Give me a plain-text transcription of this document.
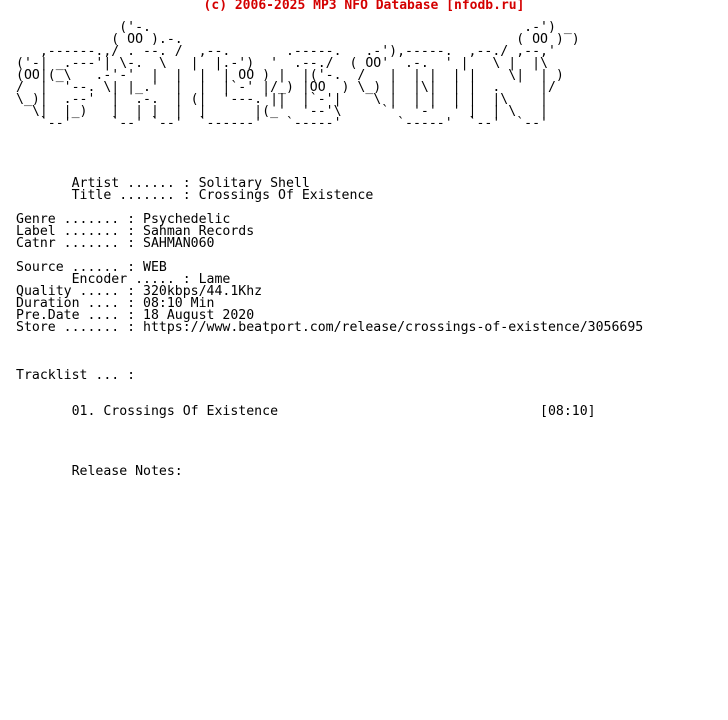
(c) 2006-2025 MP3 NFO Database [nfodb.ru]
('-.                                               .-') _
( OO ).-.                                          ( OO ) )
,------.,/ . --. /  ,--.       .-----.   .-'),-----.  ,--./ ,--,'
('-| _.---'| \-.  \   |  |.-')  '  .--./  ( OO'  .-.  ' |   \ |  |\
(OO|(_\   .-'-'  |  |  |  | OO ) |  |('-.  /   |  | |  | |    \|  | )
/  |  '--. \| |_.'  |  |  |`-' |/_) |OO  ) \_) |  |\|  | |  .     |/
\_)|  .--'  |  .-.  | (|  '---.'||  |`-'|    \ |  | |  | |  |\    |
\|  |_)   |  | |  |  |      |(_'  '--'\     `'  '-'  ' |  | \   |
`--'     `--' `--'  `------'   `-----'       `-----'  `--'  `--'

Artist ...... : Solitary Shell
Title ....... : Crossings Of Existence

Genre ....... : Psychedelic
Label ....... : Sahman Records
Catnr ....... : SAHMAN060

Source ...... : WEB
Encoder ..... : Lame
Quality ..... : 320kbps/44.1Khz
Duration .... : 08:10 Min
Pre.Date .... : 18 August 2020
Store ....... : https://www.beatport.com/release/crossings-of-existence/3056695

Tracklist ... :

01. Crossings Of Existence                                 [08:10]

Release Notes:
